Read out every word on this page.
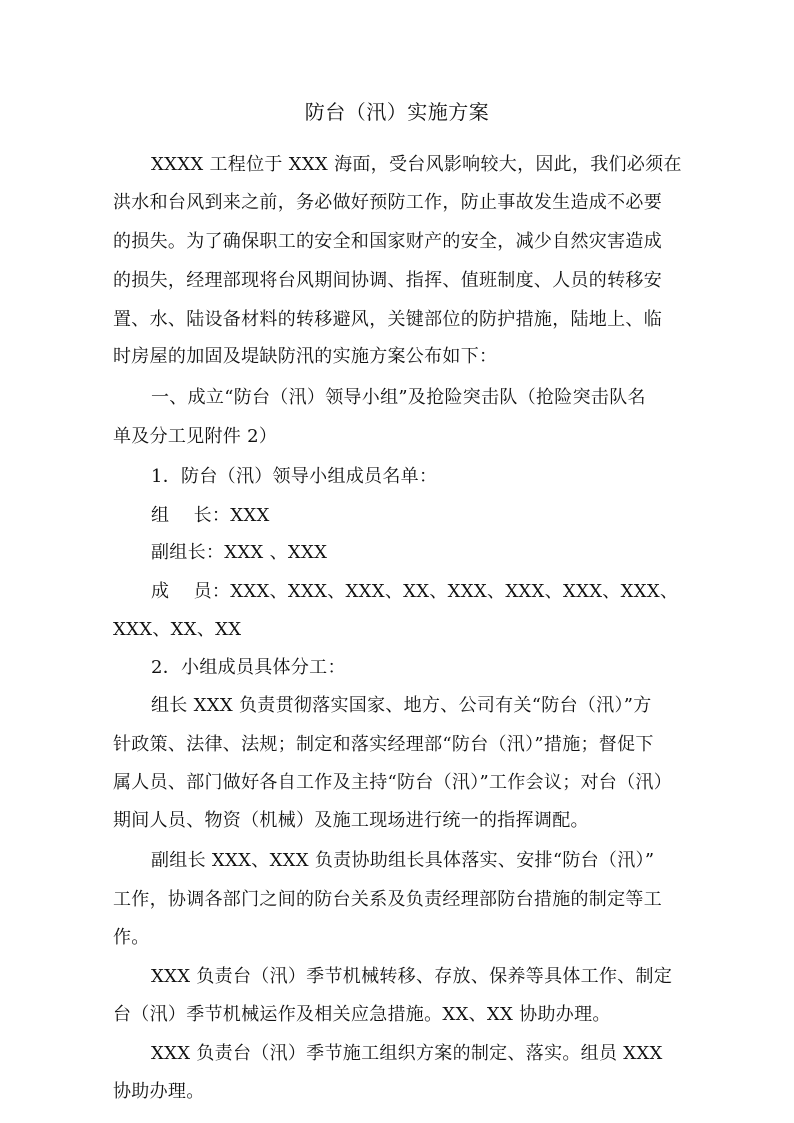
防台（汛）实施方案
XXXX 工程位于 XXX 海面，受台风影响较大，因此，我们必须在
洪水和台风到来之前，务必做好预防工作，防止事故发生造成不必要
的损失。为了确保职工的安全和国家财产的安全，减少自然灾害造成
的损失，经理部现将台风期间协调、指挥、值班制度、人员的转移安
置、水、陆设备材料的转移避风，关键部位的防护措施，陆地上、临
时房屋的加固及堤缺防汛的实施方案公布如下：
一、成立“防台（汛）领导小组”及抢险突击队（抢险突击队名
单及分工见附件 2）
1．防台（汛）领导小组成员名单：
组　 长：XXX
副组长：XXX 、XXX
成　 员：XXX、XXX、XXX、XX、XXX、XXX、XXX、XXX、
XXX、XX、XX
2．小组成员具体分工：
组长 XXX 负责贯彻落实国家、地方、公司有关“防台（汛）”方
针政策、法律、法规；制定和落实经理部“防台（汛）”措施；督促下
属人员、部门做好各自工作及主持“防台（汛）”工作会议；对台（汛）
期间人员、物资（机械）及施工现场进行统一的指挥调配。
副组长 XXX、XXX 负责协助组长具体落实、安排“防台（汛）”
工作，协调各部门之间的防台关系及负责经理部防台措施的制定等工
作。
XXX 负责台（汛）季节机械转移、存放、保养等具体工作、制定
台（汛）季节机械运作及相关应急措施。XX、XX 协助办理。
XXX 负责台（汛）季节施工组织方案的制定、落实。组员 XXX
协助办理。
